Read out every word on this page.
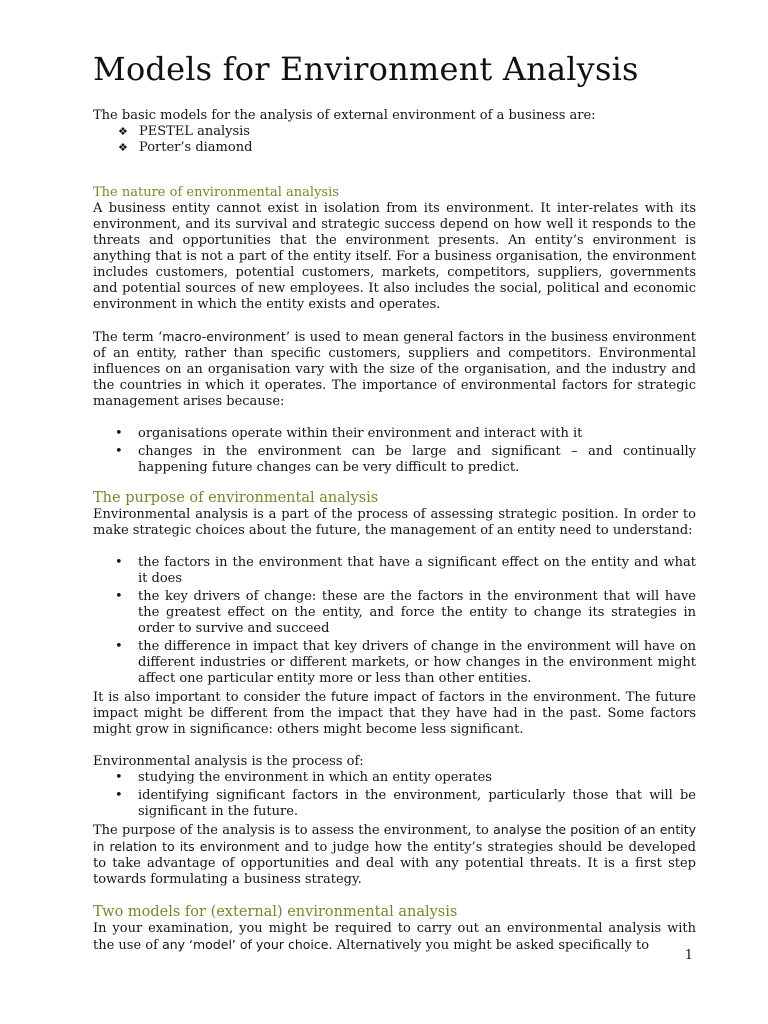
Models for Environment Analysis

The basic models for the analysis of external environment of a business are:

❖ PESTEL analysis
❖ Porter’s diamond
The nature of environmental analysis

A business entity cannot exist in isolation from its environment. It inter-relates with its environment, and its survival and strategic success depend on how well it responds to the threats and opportunities that the environment presents. An entity’s environment is anything that is not a part of the entity itself. For a business organisation, the environment includes customers, potential customers, markets, competitors, suppliers, governments and potential sources of new employees. It also includes the social, political and economic environment in which the entity exists and operates.

The term ‘macro-environment’ is used to mean general factors in the business environment of an entity, rather than specific customers, suppliers and competitors. Environmental influences on an organisation vary with the size of the organisation, and the industry and the countries in which it operates. The importance of environmental factors for strategic management arises because:

• organisations operate within their environment and interact with it
• changes in the environment can be large and significant – and continually happening future changes can be very difficult to predict.
The purpose of environmental analysis

Environmental analysis is a part of the process of assessing strategic position. In order to make strategic choices about the future, the management of an entity need to understand:

• the factors in the environment that have a significant effect on the entity and what it does
• the key drivers of change: these are the factors in the environment that will have the greatest effect on the entity, and force the entity to change its strategies in order to survive and succeed
• the difference in impact that key drivers of change in the environment will have on different industries or different markets, or how changes in the environment might affect one particular entity more or less than other entities.

It is also important to consider the future impact of factors in the environment. The future impact might be different from the impact that they have had in the past. Some factors might grow in significance: others might become less significant.

Environmental analysis is the process of:

• studying the environment in which an entity operates
• identifying significant factors in the environment, particularly those that will be significant in the future.

The purpose of the analysis is to assess the environment, to analyse the position of an entity in relation to its environment and to judge how the entity’s strategies should be developed to take advantage of opportunities and deal with any potential threats. It is a first step towards formulating a business strategy.

Two models for (external) environmental analysis

In your examination, you might be required to carry out an environmental analysis with the use of any ‘model’ of your choice. Alternatively you might be asked specifically to

1
